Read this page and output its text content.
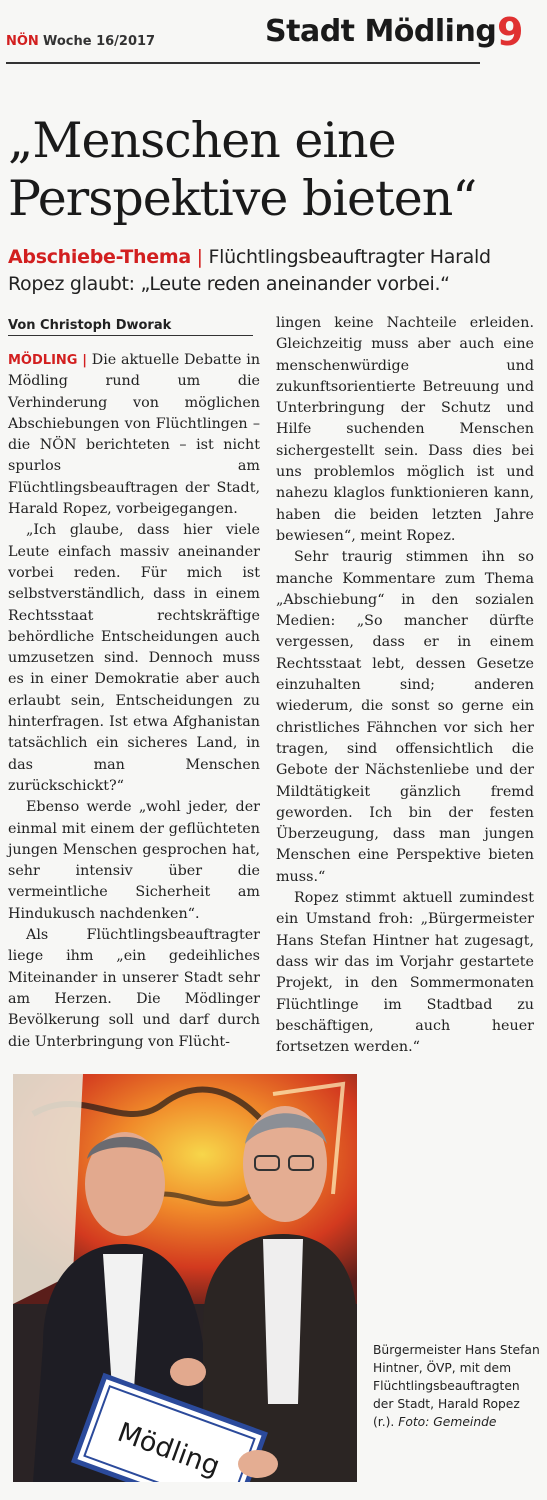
NÖN Woche 16/2017	Stadt Mödling 9
„Menschen eine Perspektive bieten“
Abschiebe-Thema | Flüchtlingsbeauftragter Harald Ropez glaubt: „Leute reden aneinander vorbei.“
Von Christoph Dworak

MÖDLING | Die aktuelle Debatte in Mödling rund um die Verhinderung von möglichen Abschiebungen von Flüchtlingen – die NÖN berichteten – ist nicht spurlos am Flüchtlingsbeauftragen der Stadt, Harald Ropez, vorbeigegangen.

„Ich glaube, dass hier viele Leute einfach massiv aneinander vorbei reden. Für mich ist selbstverständlich, dass in einem Rechtsstaat rechtskräftige behördliche Entscheidungen auch umzusetzen sind. Dennoch muss es in einer Demokratie aber auch erlaubt sein, Entscheidungen zu hinterfragen. Ist etwa Afghanistan tatsächlich ein sicheres Land, in das man Menschen zurückschickt?“

Ebenso werde „wohl jeder, der einmal mit einem der geflüchteten jungen Menschen gesprochen hat, sehr intensiv über die vermeintliche Sicherheit am Hindukusch nachdenken“.

Als Flüchtlingsbeauftragter liege ihm „ein gedeihliches Miteinander in unserer Stadt sehr am Herzen. Die Mödlinger Bevölkerung soll und darf durch die Unterbringung von Flücht-

lingen keine Nachteile erleiden. Gleichzeitig muss aber auch eine menschenwürdige und zukunftsorientierte Betreuung und Unterbringung der Schutz und Hilfe suchenden Menschen sichergestellt sein. Dass dies bei uns problemlos möglich ist und nahezu klaglos funktionieren kann, haben die beiden letzten Jahre bewiesen“, meint Ropez.

Sehr traurig stimmen ihn so manche Kommentare zum Thema „Abschiebung“ in den sozialen Medien: „So mancher dürfte vergessen, dass er in einem Rechtsstaat lebt, dessen Gesetze einzuhalten sind; anderen wiederum, die sonst so gerne ein christliches Fähnchen vor sich her tragen, sind offensichtlich die Gebote der Nächstenliebe und der Mildtätigkeit gänzlich fremd geworden. Ich bin der festen Überzeugung, dass man jungen Menschen eine Perspektive bieten muss.“

Ropez stimmt aktuell zumindest ein Umstand froh: „Bürgermeister Hans Stefan Hintner hat zugesagt, dass wir das im Vorjahr gestartete Projekt, in den Sommermonaten Flüchtlinge im Stadtbad zu beschäftigen, auch heuer fortsetzen werden.“

Mödling
Bürgermeister Hans Stefan Hintner, ÖVP, mit dem Flüchtlingsbeauftragten der Stadt, Harald Ropez (r.). Foto: Gemeinde
